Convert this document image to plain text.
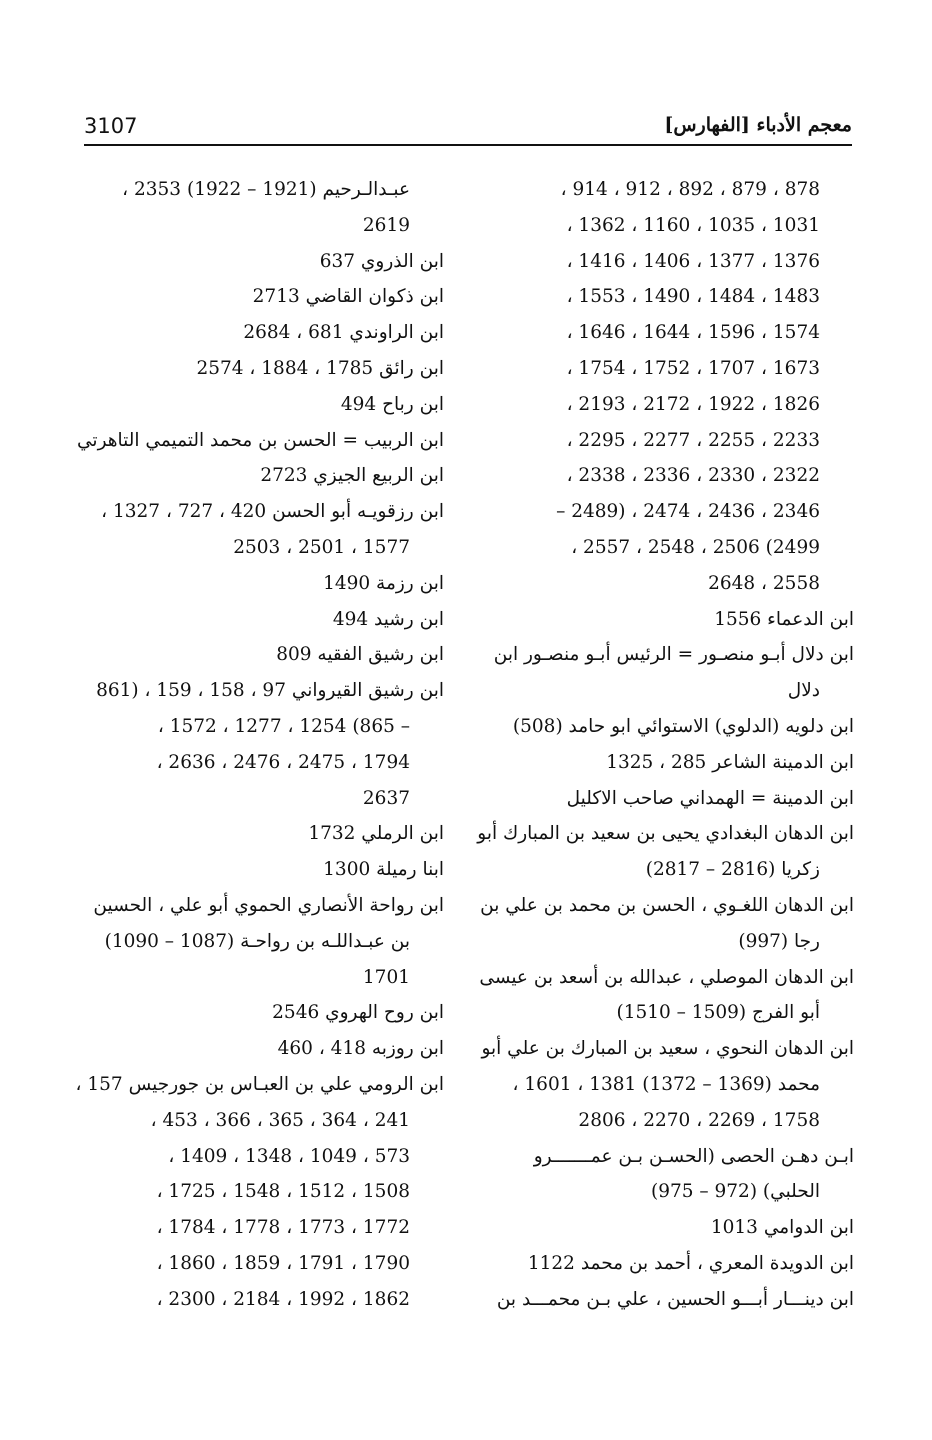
3107	معجم الأدباء [الفهارس]
878 ، 879 ، 892 ، 912 ، 914 ،
1031 ، 1035 ، 1160 ، 1362 ،
1376 ، 1377 ، 1406 ، 1416 ،
1483 ، 1484 ، 1490 ، 1553 ،
1574 ، 1596 ، 1644 ، 1646 ،
1673 ، 1707 ، 1752 ، 1754 ،
1826 ، 1922 ، 2172 ، 2193 ،
2233 ، 2255 ، 2277 ، 2295 ،
2322 ، 2330 ، 2336 ، 2338 ،
2346 ، 2436 ، 2474 ، (2489 –
2499) 2506 ، 2548 ، 2557 ،
2558 ، 2648
ابن الدعماء 1556
ابن دلال أبـو منصـور = الرئيس أبـو منصـور ابن
دلال
ابن دلويه (الدلوي) الاستوائي ابو حامد (508)
ابن الدمينة الشاعر 285 ، 1325
ابن الدمينة = الهمداني صاحب الاكليل
ابن الدهان البغدادي يحيى بن سعيد بن المبارك أبو
زكريا (2816 – 2817)
ابن الدهان اللغـوي ، الحسن بن محمد بن علي بن
رجا (997)
ابن الدهان الموصلي ، عبدالله بن أسعد بن عيسى
أبو الفرج (1509 – 1510)
ابن الدهان النحوي ، سعيد بن المبارك بن علي أبو
محمد (1369 – 1372) 1381 ، 1601 ،
1758 ، 2269 ، 2270 ، 2806
ابـن دهـن الحصى (الحسـن بـن عمـــــــرو
الحلبي) (972 – 975)
ابن الدوامي 1013
ابن الدويدة المعري ، أحمد بن محمد 1122
ابن دينـــار أبـــو الحسين ، علي بـن محمـــد بن
عبـدالـرحيم (1921 – 1922) 2353 ،
2619
ابن الذروي 637
ابن ذكوان القاضي 2713
ابن الراوندي 681 ، 2684
ابن رائق 1785 ، 1884 ، 2574
ابن رباح 494
ابن الربيب = الحسن بن محمد التميمي التاهرتي
ابن الربيع الجيزي 2723
ابن رزقويـه أبو الحسن 420 ، 727 ، 1327 ،
1577 ، 2501 ، 2503
ابن رزمة 1490
ابن رشيد 494
ابن رشيق الفقيه 809
ابن رشيق القيرواني 97 ، 158 ، 159 ، (861
– 865) 1254 ، 1277 ، 1572 ،
1794 ، 2475 ، 2476 ، 2636 ،
2637
ابن الرملي 1732
ابنا رميلة 1300
ابن رواحة الأنصاري الحموي أبو علي ، الحسين
بن عبـداللـه بن رواحـة (1087 – 1090)
1701
ابن روح الهروي 2546
ابن روزبه 418 ، 460
ابن الرومي علي بن العبـاس بن جورجيس 157 ،
241 ، 364 ، 365 ، 366 ، 453 ،
573 ، 1049 ، 1348 ، 1409 ،
1508 ، 1512 ، 1548 ، 1725 ،
1772 ، 1773 ، 1778 ، 1784 ،
1790 ، 1791 ، 1859 ، 1860 ،
1862 ، 1992 ، 2184 ، 2300 ،
